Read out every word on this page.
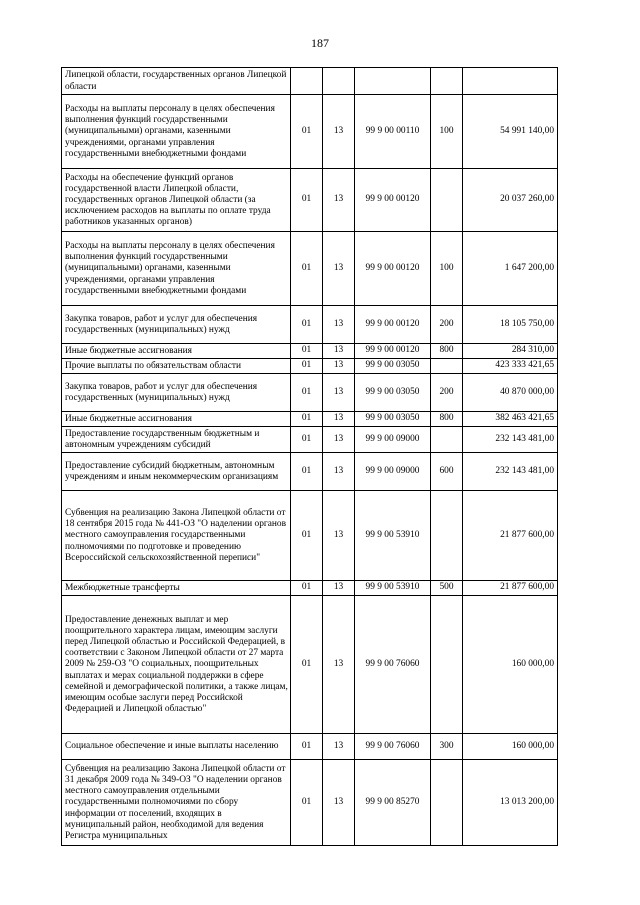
187
Липецкой области, государственных органов Липецкой области					
Расходы на выплаты персоналу в целях обеспечения выполнения функций государственными (муниципальными) органами, казенными учреждениями, органами управления государственными внебюджетными фондами	01	13	99 9 00 00110	100	54 991 140,00
Расходы на обеспечение функций органов государственной власти Липецкой области, государственных органов Липецкой области (за исключением расходов на выплаты по оплате труда работников указанных органов)	01	13	99 9 00 00120		20 037 260,00
Расходы на выплаты персоналу в целях обеспечения выполнения функций государственными (муниципальными) органами, казенными учреждениями, органами управления государственными внебюджетными фондами	01	13	99 9 00 00120	100	1 647 200,00
Закупка товаров, работ и услуг для обеспечения государственных (муниципальных) нужд	01	13	99 9 00 00120	200	18 105 750,00
Иные бюджетные ассигнования	01	13	99 9 00 00120	800	284 310,00
Прочие выплаты по обязательствам области	01	13	99 9 00 03050		423 333 421,65
Закупка товаров, работ и услуг для обеспечения государственных (муниципальных) нужд	01	13	99 9 00 03050	200	40 870 000,00
Иные бюджетные ассигнования	01	13	99 9 00 03050	800	382 463 421,65
Предоставление государственным бюджетным и автономным учреждениям субсидий	01	13	99 9 00 09000		232 143 481,00
Предоставление субсидий бюджетным, автономным учреждениям и иным некоммерческим организациям	01	13	99 9 00 09000	600	232 143 481,00
Субвенция на реализацию Закона Липецкой области от 18 сентября 2015 года № 441-ОЗ "О наделении органов местного самоуправления государственными полномочиями по подготовке и проведению Всероссийской сельскохозяйственной переписи"	01	13	99 9 00 53910		21 877 600,00
Межбюджетные трансферты	01	13	99 9 00 53910	500	21 877 600,00
Предоставление денежных выплат и мер поощрительного характера лицам, имеющим заслуги перед Липецкой областью и Российской Федерацией, в соответствии с Законом Липецкой области от 27 марта 2009 № 259-ОЗ "О социальных, поощрительных выплатах и мерах социальной поддержки в сфере семейной и демографической политики, а также лицам, имеющим особые заслуги перед Российской Федерацией и Липецкой областью"	01	13	99 9 00 76060		160 000,00
Социальное обеспечение и иные выплаты населению	01	13	99 9 00 76060	300	160 000,00
Субвенция на реализацию Закона Липецкой области от 31 декабря 2009 года № 349-ОЗ "О наделении органов местного самоуправления отдельными государственными полномочиями по сбору информации от поселений, входящих в муниципальный район, необходимой для ведения Регистра муниципальных	01	13	99 9 00 85270		13 013 200,00
